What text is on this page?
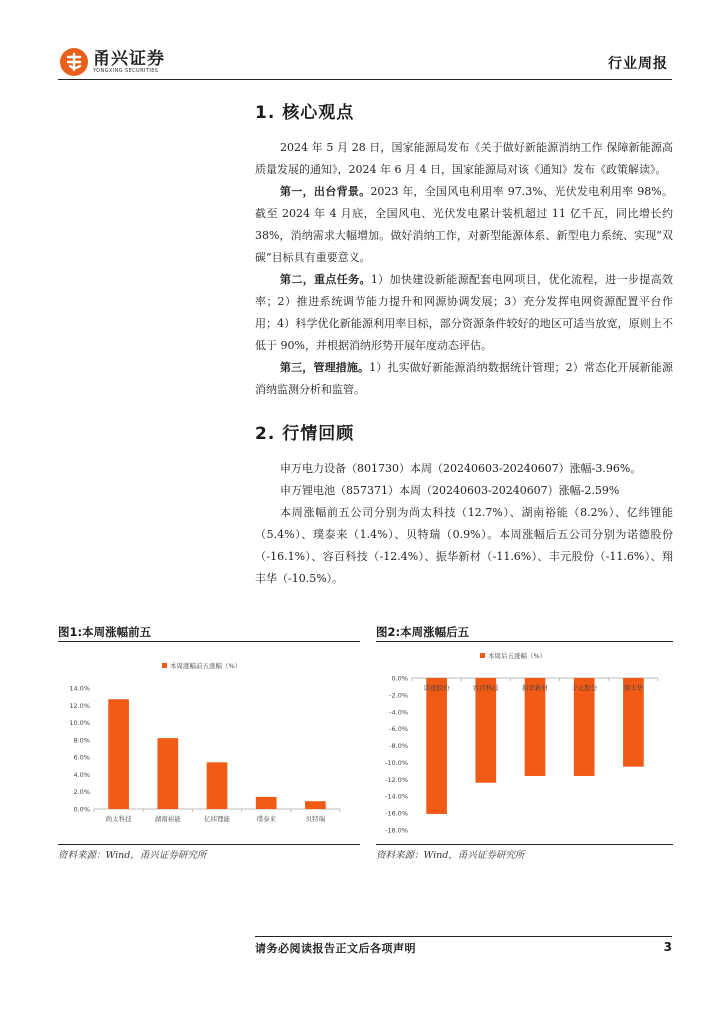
甬兴证券
YONGXING SECURITIES	行业周报
1. 核心观点

2024 年 5 月 28 日，国家能源局发布《关于做好新能源消纳工作 保障新能源高质量发展的通知》，2024 年 6 月 4 日，国家能源局对该《通知》发布《政策解读》。

第一，出台背景。2023 年，全国风电利用率 97.3%、光伏发电利用率 98%。截至 2024 年 4 月底，全国风电、光伏发电累计装机超过 11 亿千瓦，同比增长约 38%，消纳需求大幅增加。做好消纳工作，对新型能源体系、新型电力系统、实现“双碳”目标具有重要意义。

第二，重点任务。1）加快建设新能源配套电网项目，优化流程，进一步提高效率；2）推进系统调节能力提升和网源协调发展；3）充分发挥电网资源配置平台作用；4）科学优化新能源利用率目标，部分资源条件较好的地区可适当放宽，原则上不低于 90%，并根据消纳形势开展年度动态评估。

第三，管理措施。1）扎实做好新能源消纳数据统计管理；2）常态化开展新能源消纳监测分析和监管。

2. 行情回顾

申万电力设备（801730）本周（20240603-20240607）涨幅-3.96%。

申万锂电池（857371）本周（20240603-20240607）涨幅-2.59%

本周涨幅前五公司分别为尚太科技（12.7%）、湖南裕能（8.2%）、亿纬锂能（5.4%）、璞泰来（1.4%）、贝特瑞（0.9%）。本周涨幅后五公司分别为诺德股份（-16.1%）、容百科技（-12.4%）、振华新材（-11.6%）、丰元股份（-11.6%）、翔丰华（-10.5%）。

图1:本周涨幅前五
本周涨幅前五涨幅（%）
0.0%
2.0%
4.0%
6.0%
8.0%
10.0%
12.0%
14.0%
尚太科技	湖南裕能	亿纬锂能	璞泰来	贝特瑞
资料来源：Wind，甬兴证券研究所
图2:本周涨幅后五
本周后五涨幅（%）
0.0%
-2.0%
-4.0%
-6.0%
-8.0%
-10.0%
-12.0%
-14.0%
-16.0%
-18.0%
诺德股份	容百科技	振华新材	丰元股份	翔丰华
资料来源：Wind，甬兴证券研究所
请务必阅读报告正文后各项声明	3
